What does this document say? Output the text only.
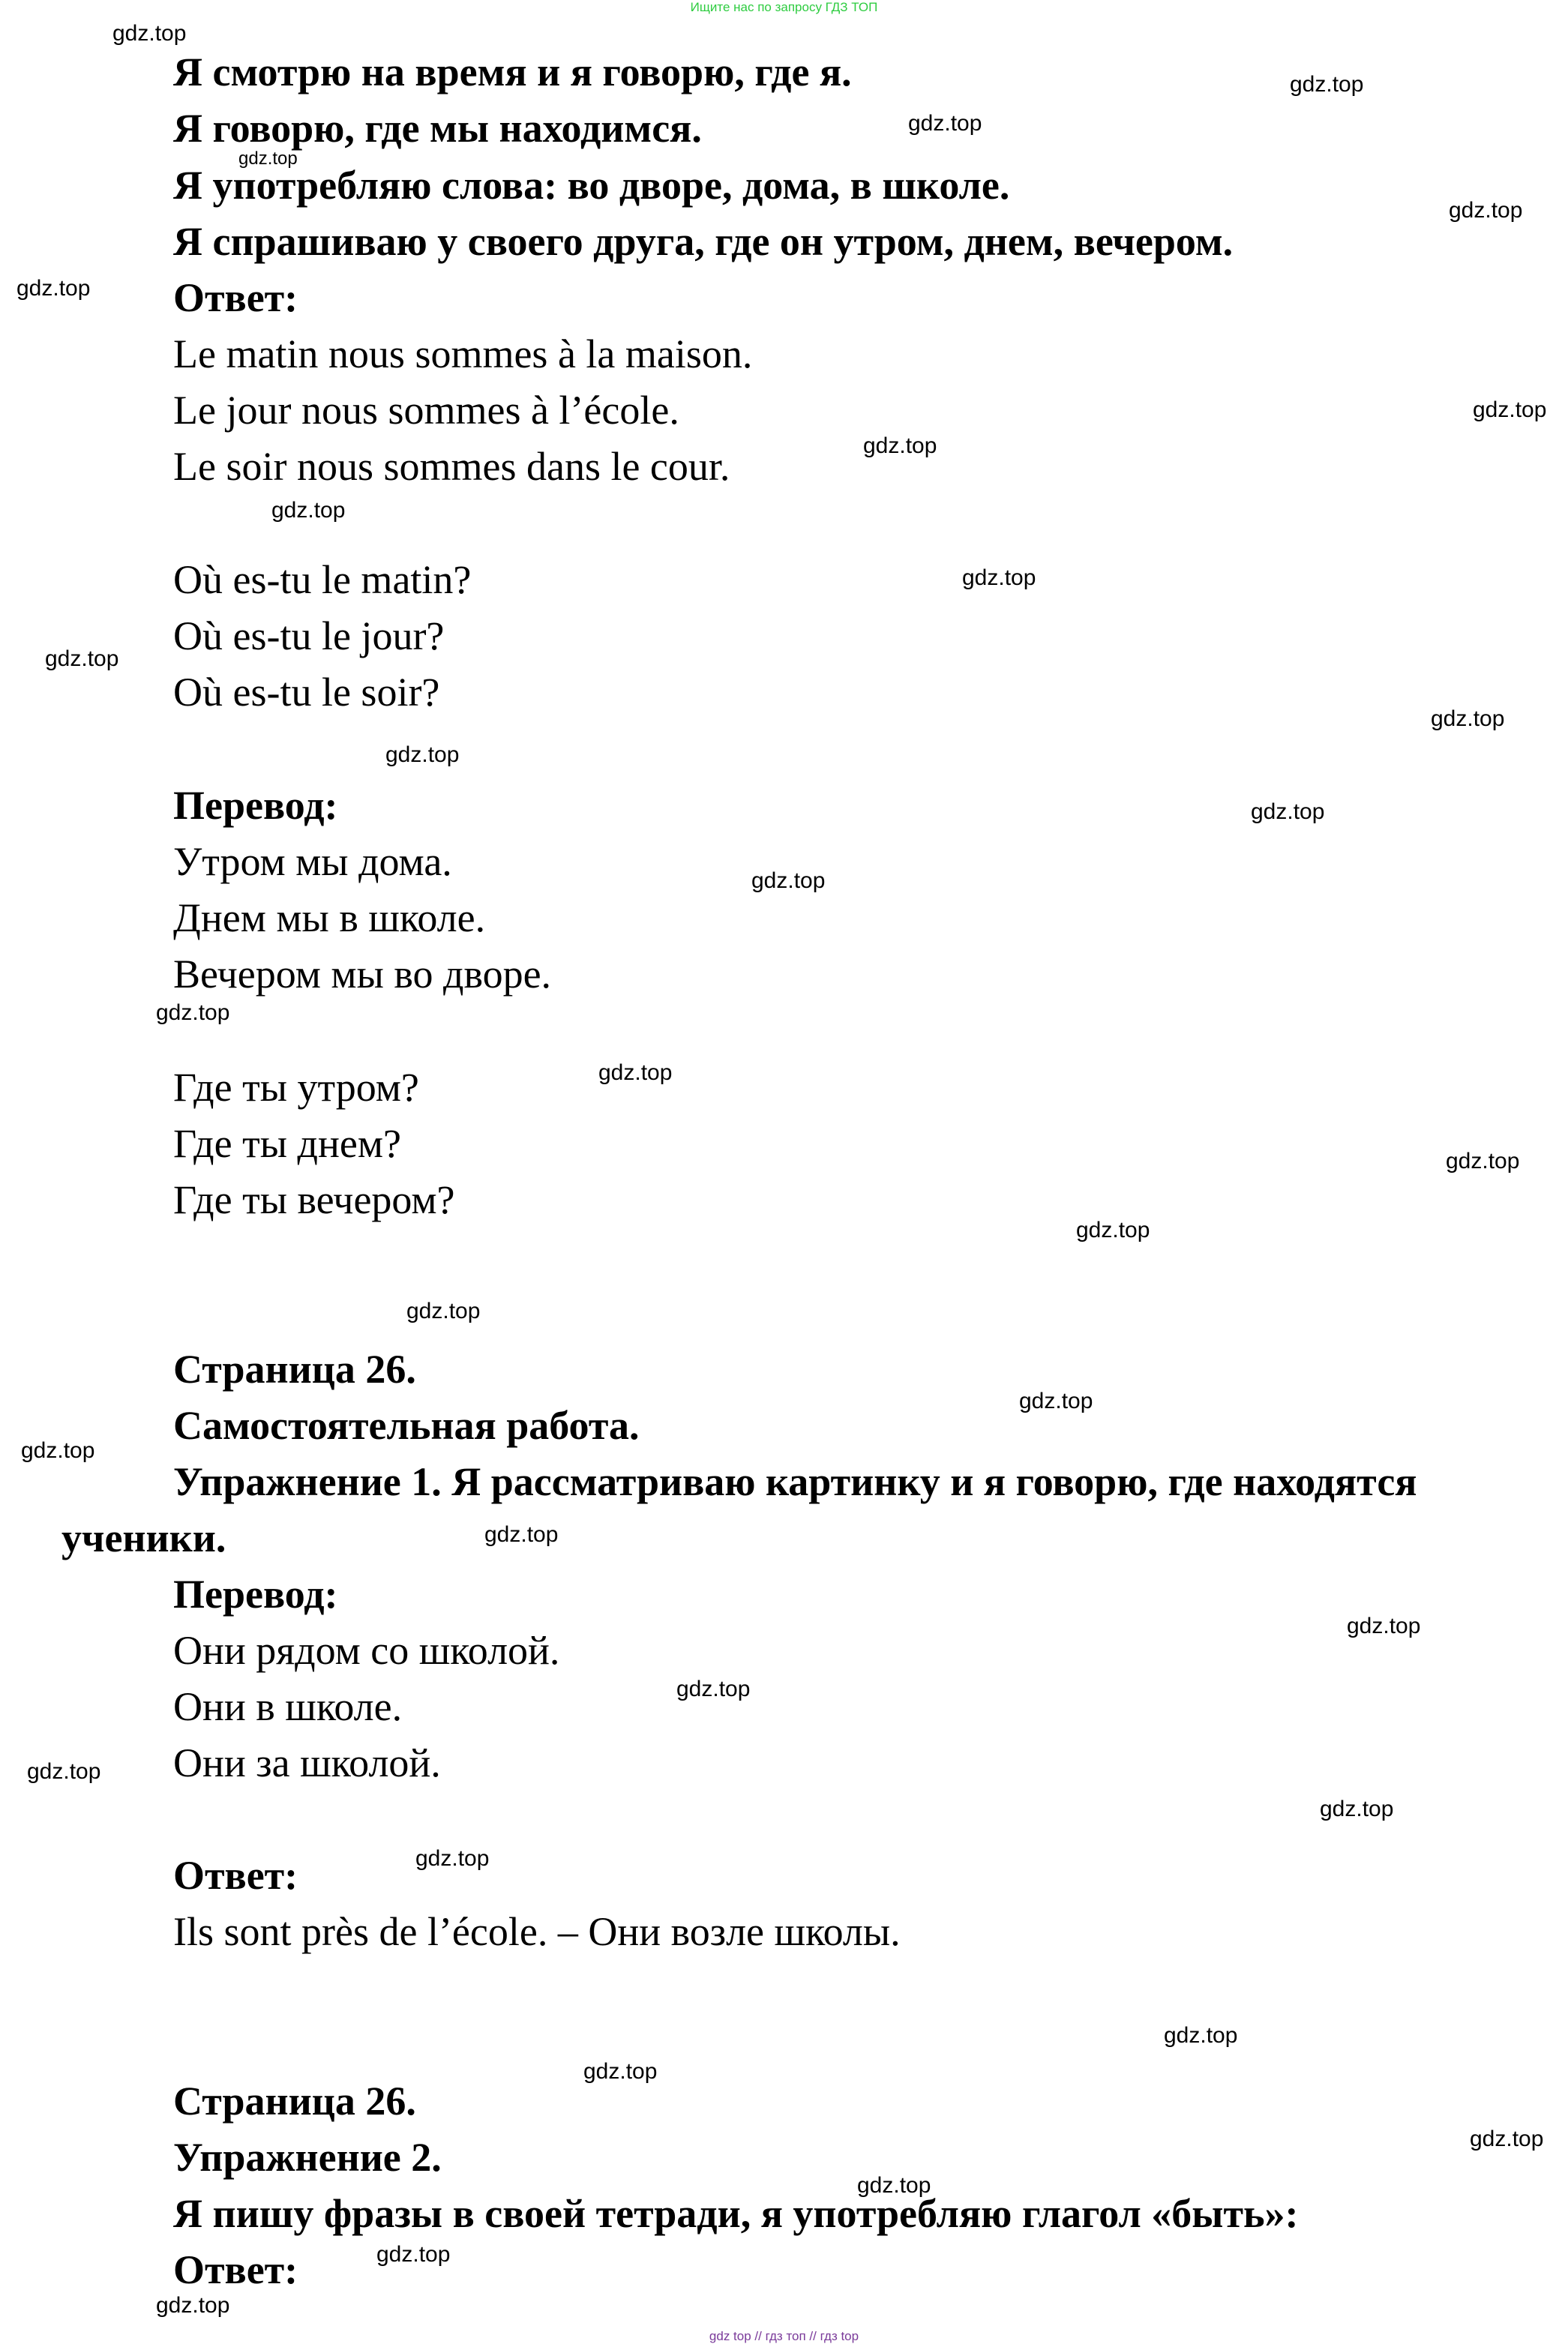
Ищите нас по запросу ГДЗ ТОП
Я смотрю на время и я говорю, где я.
Я говорю, где мы находимся.
Я употребляю слова: во дворе, дома, в школе.
Я спрашиваю у своего друга, где он утром, днем, вечером.
Ответ:
Le matin nous sommes à la maison.
Le jour nous sommes à l’école.
Le soir nous sommes dans le cour.
Où es-tu le matin?
Où es-tu le jour?
Où es-tu le soir?
Перевод:
Утром мы дома.
Днем мы в школе.
Вечером мы во дворе.
Где ты утром?
Где ты днем?
Где ты вечером?
Страница 26.
Самостоятельная работа.
Упражнение 1. Я рассматриваю картинку и я говорю, где находятся
ученики.
Перевод:
Они рядом со школой.
Они в школе.
Они за школой.
Ответ:
Ils sont près de l’école. – Они возле школы.
Страница 26.
Упражнение 2.
Я пишу фразы в своей тетради, я употребляю глагол «быть»:
Ответ:
gdz.top
gdz.top
gdz.top
gdz.top
gdz.top
gdz.top
gdz.top
gdz.top
gdz.top
gdz.top
gdz.top
gdz.top
gdz.top
gdz.top
gdz.top
gdz.top
gdz.top
gdz.top
gdz.top
gdz.top
gdz.top
gdz.top
gdz.top
gdz.top
gdz.top
gdz.top
gdz.top
gdz.top
gdz.top
gdz.top
gdz.top
gdz.top
gdz.top
gdz.top
gdz top // гдз топ // гдз top
